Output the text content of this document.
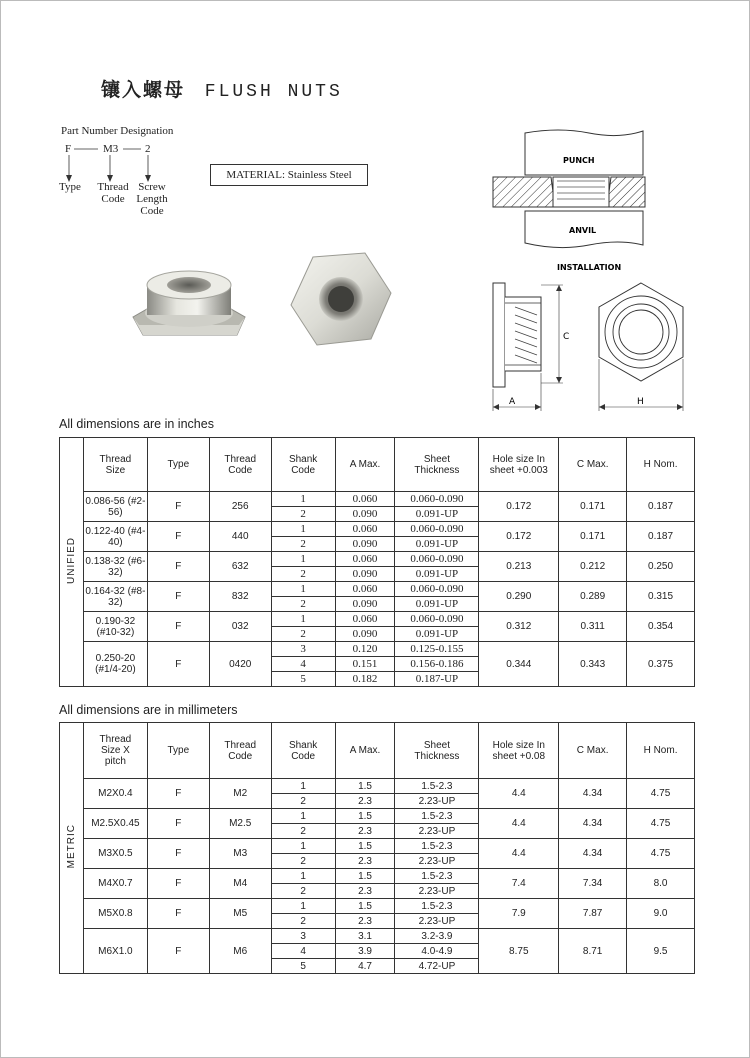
镶入螺母 FLUSH NUTS
Part Number Designation
F	M3 2
Type	Thread Code
Screw Length Code
MATERIAL: Stainless Steel
PUNCH
ANVIL
INSTALLATION
C
A	H
All dimensions are in inches
UNIFIED	Thread Size	Type	Thread Code	Shank Code	A Max.	Sheet Thickness	Hole size In sheet +0.003	C Max.	H Nom.
	0.086-56 (#2-56)	F	256	1	0.060	0.060-0.090	0.172	0.171	0.187
				2	0.090	0.091-UP			
	0.122-40 (#4-40)	F	440	1	0.060	0.060-0.090	0.172	0.171	0.187
				2	0.090	0.091-UP			
	0.138-32 (#6-32)	F	632	1	0.060	0.060-0.090	0.213	0.212	0.250
				2	0.090	0.091-UP			
	0.164-32 (#8-32)	F	832	1	0.060	0.060-0.090	0.290	0.289	0.315
				2	0.090	0.091-UP			
	0.190-32 (#10-32)	F	032	1	0.060	0.060-0.090	0.312	0.311	0.354
				2	0.090	0.091-UP			
	0.250-20 (#1/4-20)	F	0420	3	0.120	0.125-0.155	0.344	0.343	0.375
				4	0.151	0.156-0.186			
				5	0.182	0.187-UP			
All dimensions are in millimeters
METRIC	Thread Size X pitch	Type	Thread Code	Shank Code	A Max.	Sheet Thickness	Hole size In sheet +0.08	C Max.	H Nom.
	M2X0.4	F	M2	1	1.5	1.5-2.3	4.4	4.34	4.75
				2	2.3	2.23-UP			
	M2.5X0.45	F	M2.5	1	1.5	1.5-2.3	4.4	4.34	4.75
				2	2.3	2.23-UP			
	M3X0.5	F	M3	1	1.5	1.5-2.3	4.4	4.34	4.75
				2	2.3	2.23-UP			
	M4X0.7	F	M4	1	1.5	1.5-2.3	7.4	7.34	8.0
				2	2.3	2.23-UP			
	M5X0.8	F	M5	1	1.5	1.5-2.3	7.9	7.87	9.0
				2	2.3	2.23-UP			
	M6X1.0	F	M6	3	3.1	3.2-3.9	8.75	8.71	9.5
				4	3.9	4.0-4.9			
				5	4.7	4.72-UP			
